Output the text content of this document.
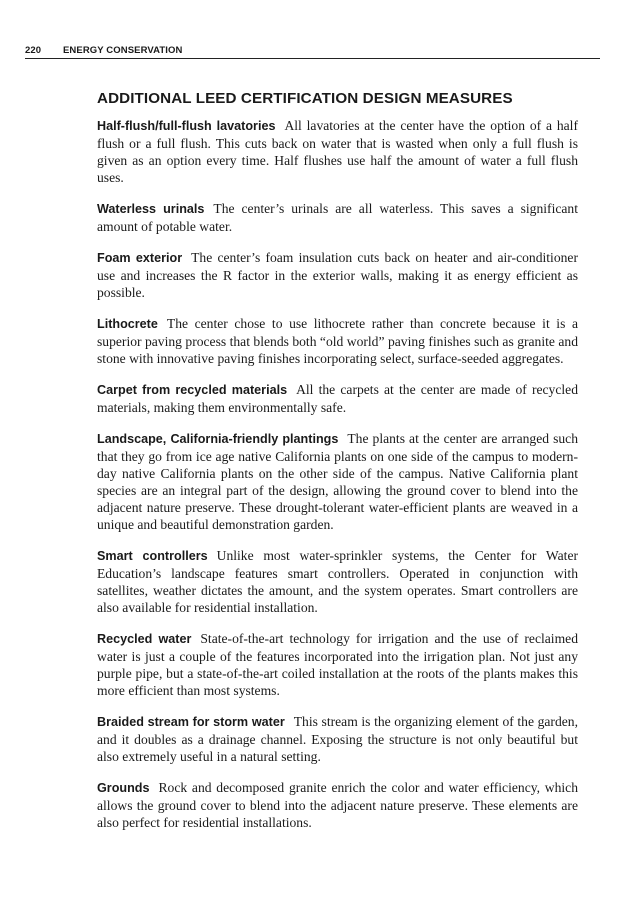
220 ENERGY CONSERVATION
ADDITIONAL LEED CERTIFICATION DESIGN MEASURES

Half-flush/full-flush lavatories All lavatories at the center have the option of a half flush or a full flush. This cuts back on water that is wasted when only a full flush is given as an option every time. Half flushes use half the amount of water a full flush uses.

Waterless urinals The center’s urinals are all waterless. This saves a significant amount of potable water.

Foam exterior The center’s foam insulation cuts back on heater and air-conditioner use and increases the R factor in the exterior walls, making it as energy efficient as possible.

Lithocrete The center chose to use lithocrete rather than concrete because it is a superior paving process that blends both “old world” paving finishes such as granite and stone with innovative paving finishes incorporating select, surface-seeded aggregates.

Carpet from recycled materials All the carpets at the center are made of recycled materials, making them environmentally safe.

Landscape, California-friendly plantings The plants at the center are arranged such that they go from ice age native California plants on one side of the campus to modern-day native California plants on the other side of the campus. Native California plant species are an integral part of the design, allowing the ground cover to blend into the adjacent nature preserve. These drought-tolerant water-efficient plants are weaved in a unique and beautiful demonstration garden.

Smart controllers Unlike most water-sprinkler systems, the Center for Water Education’s landscape features smart controllers. Operated in conjunction with satellites, weather dictates the amount, and the system operates. Smart controllers are also available for residential installation.

Recycled water State-of-the-art technology for irrigation and the use of reclaimed water is just a couple of the features incorporated into the irrigation plan. Not just any purple pipe, but a state-of-the-art coiled installation at the roots of the plants makes this more efficient than most systems.

Braided stream for storm water This stream is the organizing element of the garden, and it doubles as a drainage channel. Exposing the structure is not only beautiful but also extremely useful in a natural setting.

Grounds Rock and decomposed granite enrich the color and water efficiency, which allows the ground cover to blend into the adjacent nature preserve. These elements are also perfect for residential installations.
